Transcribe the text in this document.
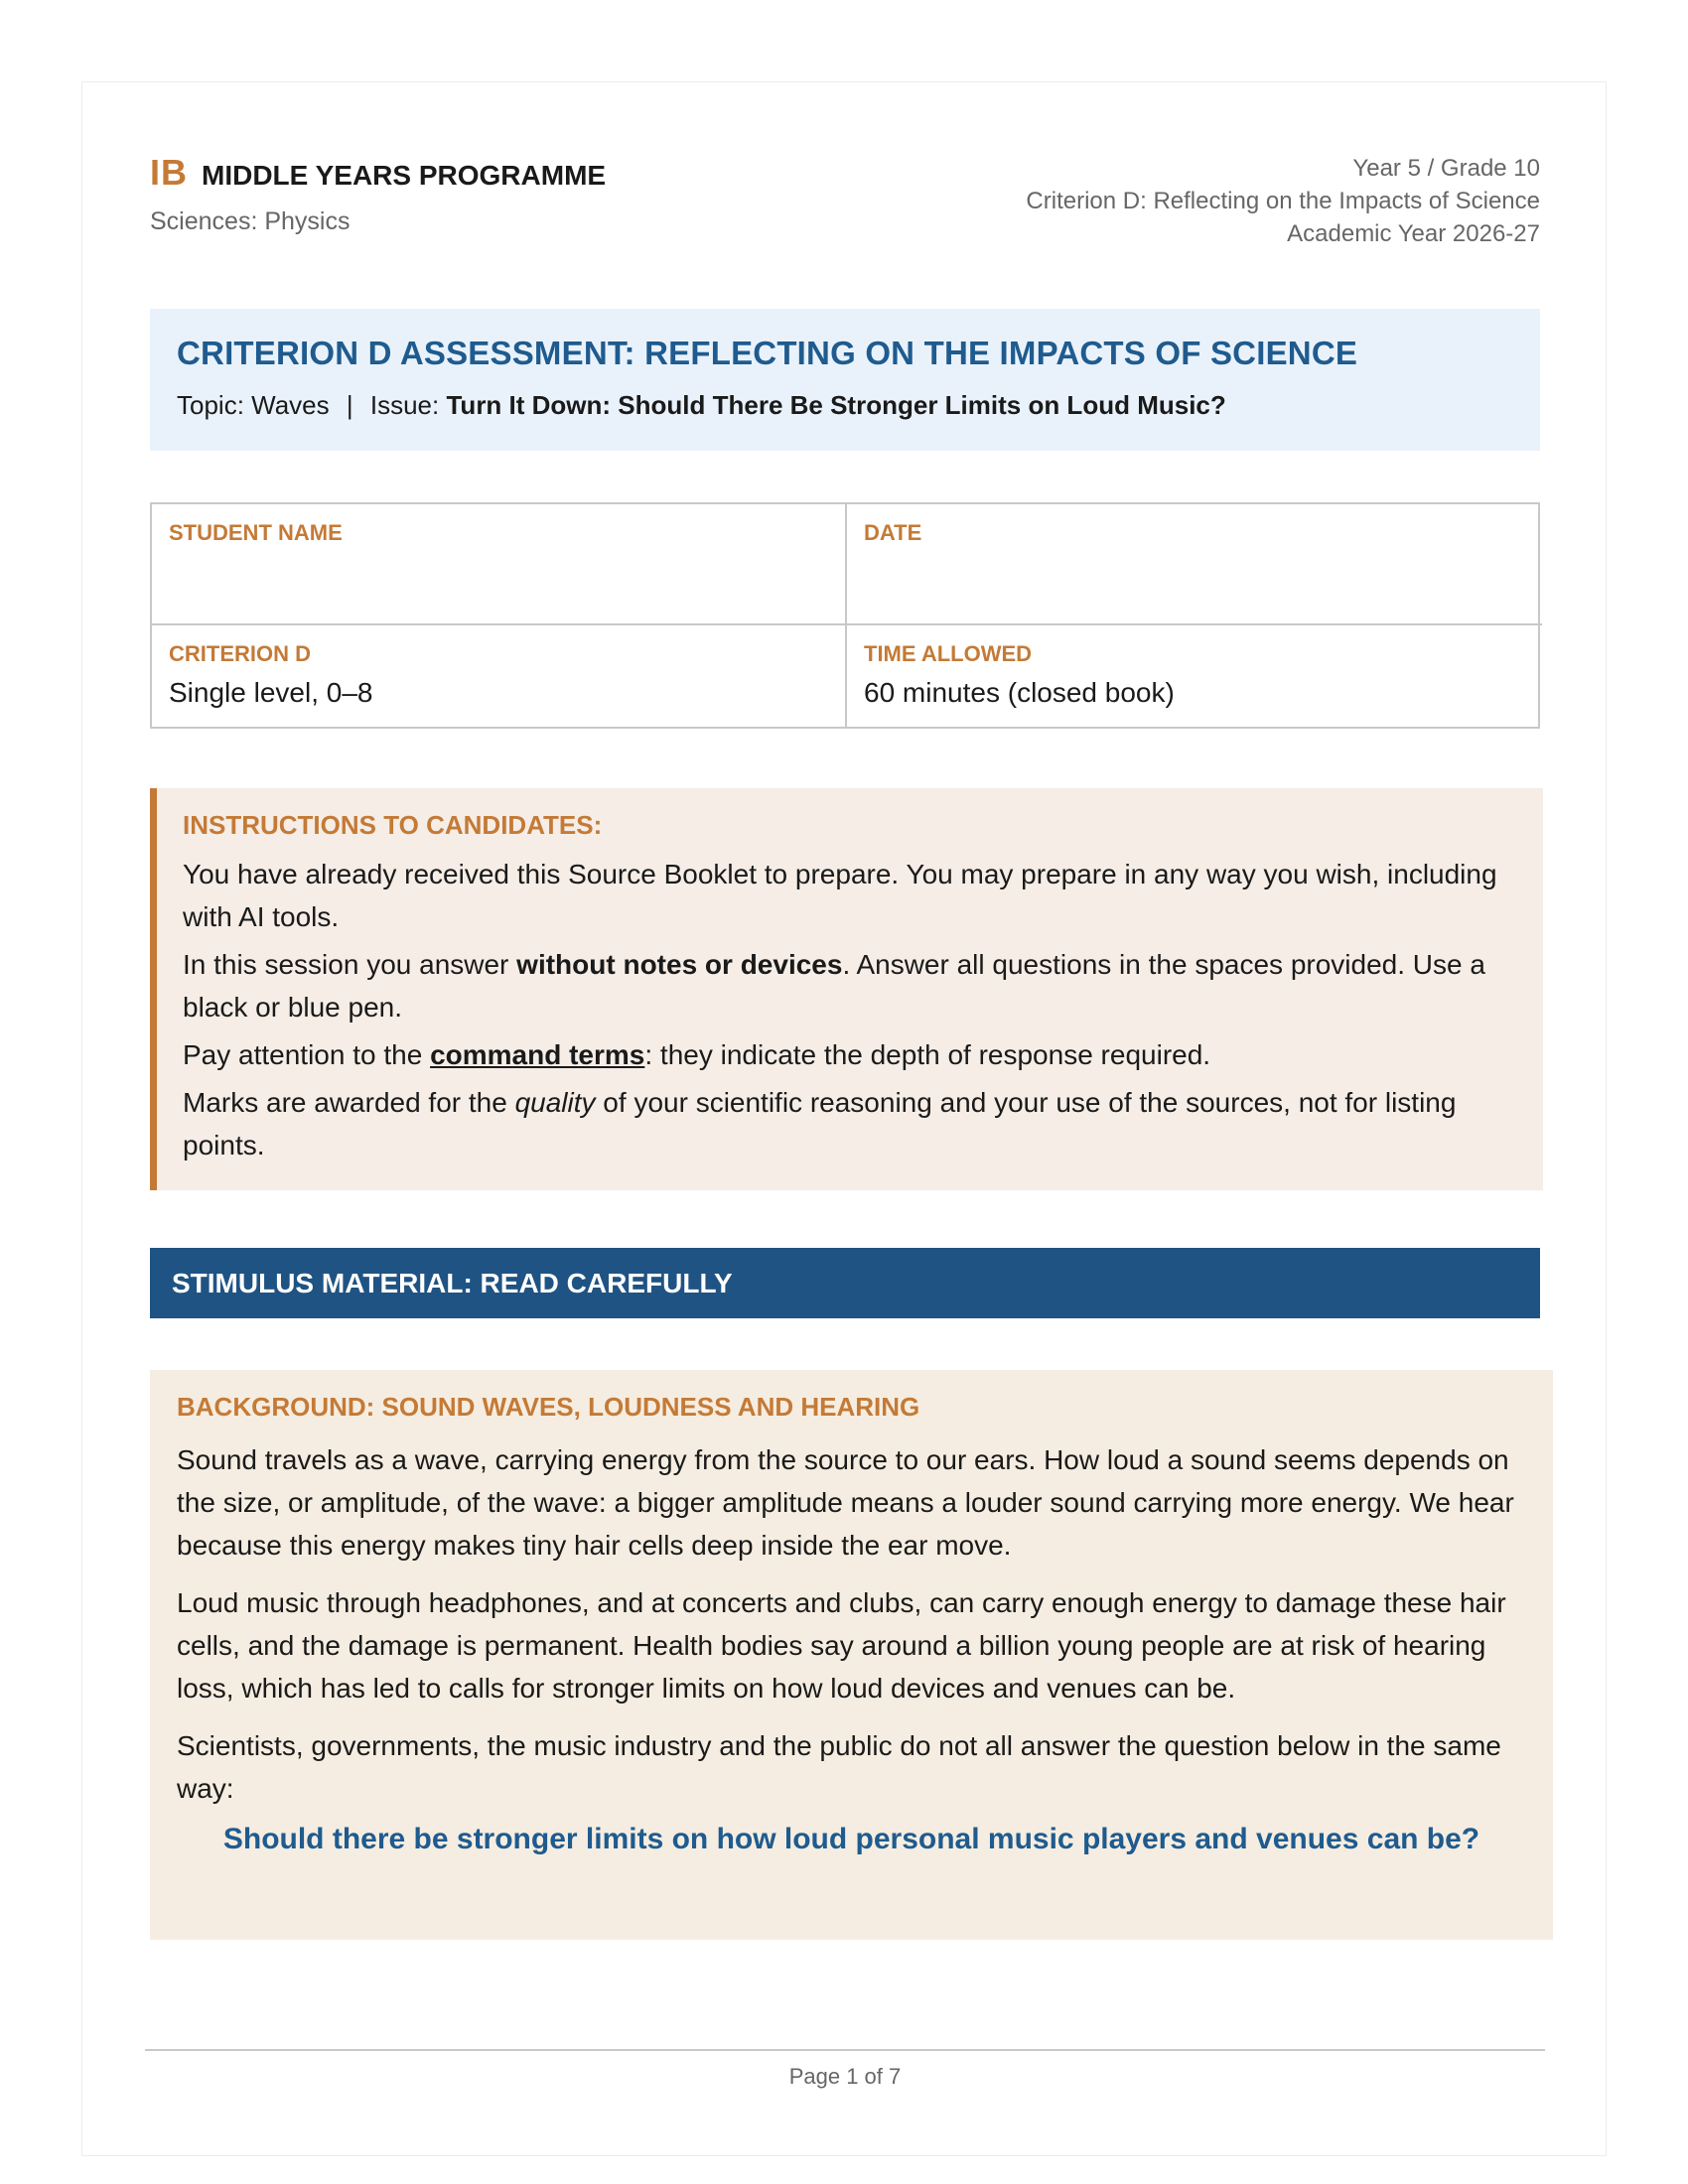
IB MIDDLE YEARS PROGRAMME
Sciences: Physics
Year 5 / Grade 10
Criterion D: Reflecting on the Impacts of Science
Academic Year 2026-27
CRITERION D ASSESSMENT: REFLECTING ON THE IMPACTS OF SCIENCE
Topic: Waves | Issue: Turn It Down: Should There Be Stronger Limits on Loud Music?
STUDENT NAME	DATE
CRITERION D
Single level, 0–8
TIME ALLOWED
60 minutes (closed book)
INSTRUCTIONS TO CANDIDATES:

You have already received this Source Booklet to prepare. You may prepare in any way you wish, including with AI tools.

In this session you answer without notes or devices. Answer all questions in the spaces provided. Use a black or blue pen.

Pay attention to the command terms: they indicate the depth of response required.

Marks are awarded for the quality of your scientific reasoning and your use of the sources, not for listing points.

STIMULUS MATERIAL: READ CAREFULLY
BACKGROUND: SOUND WAVES, LOUDNESS AND HEARING

Sound travels as a wave, carrying energy from the source to our ears. How loud a sound seems depends on the size, or amplitude, of the wave: a bigger amplitude means a louder sound carrying more energy. We hear because this energy makes tiny hair cells deep inside the ear move.

Loud music through headphones, and at concerts and clubs, can carry enough energy to damage these hair cells, and the damage is permanent. Health bodies say around a billion young people are at risk of hearing loss, which has led to calls for stronger limits on how loud devices and venues can be.

Scientists, governments, the music industry and the public do not all answer the question below in the same way:

Should there be stronger limits on how loud personal music players and venues can be?
Page 1 of 7
